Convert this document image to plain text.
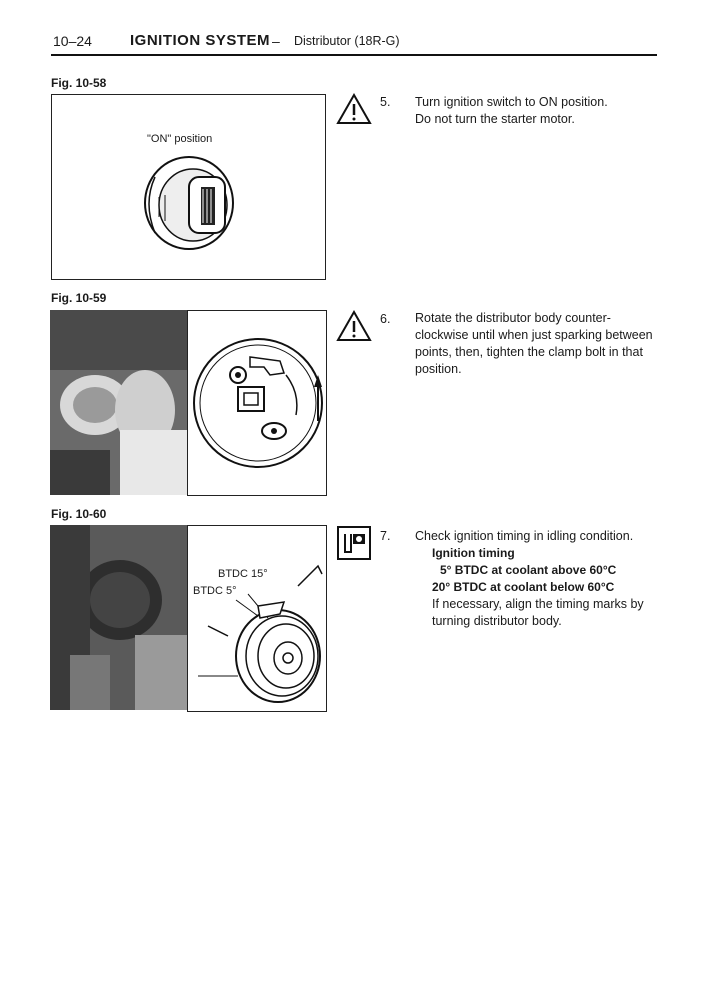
10–24	IGNITION SYSTEM – Distributor (18R-G)
Fig. 10-58
"ON" position
5. Turn ignition switch to ON position.
Do not turn the starter motor.
Fig. 10-59
6. Rotate the distributor body counter-
clockwise until when just sparking between
points, then, tighten the clamp bolt in that
position.
Fig. 10-60
BTDC 15°
BTDC 5°
7. Check ignition timing in idling condition.
Ignition timing
5° BTDC at coolant above 60°C
20° BTDC at coolant below 60°C
If necessary, align the timing marks by
turning distributor body.
